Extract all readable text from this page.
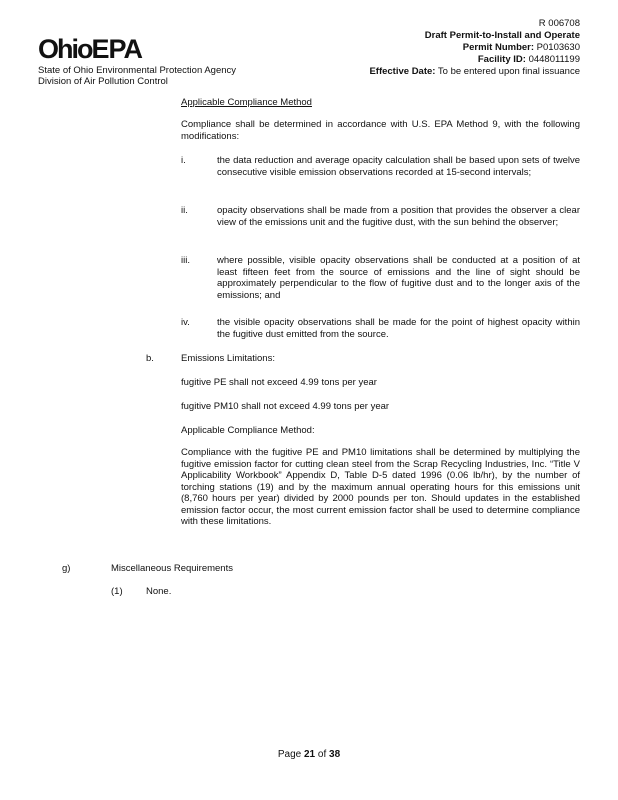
Ohio EPA
State of Ohio Environmental Protection Agency
Division of Air Pollution Control
R 006708
Draft Permit-to-Install and Operate
Permit Number: P0103630
Facility ID: 0448011199
Effective Date: To be entered upon final issuance
Applicable Compliance Method
Compliance shall be determined in accordance with U.S. EPA Method 9, with the following modifications:
i.	the data reduction and average opacity calculation shall be based upon sets of twelve consecutive visible emission observations recorded at 15-second intervals;
ii.	opacity observations shall be made from a position that provides the observer a clear view of the emissions unit and the fugitive dust, with the sun behind the observer;
iii.	where possible, visible opacity observations shall be conducted at a position of at least fifteen feet from the source of emissions and the line of sight should be approximately perpendicular to the flow of fugitive dust and to the longer axis of the emissions; and
iv.	the visible opacity observations shall be made for the point of highest opacity within the fugitive dust emitted from the source.
b.	Emissions Limitations:
fugitive PE shall not exceed 4.99 tons per year
fugitive PM10 shall not exceed 4.99 tons per year
Applicable Compliance Method:
Compliance with the fugitive PE and PM10 limitations shall be determined by multiplying the fugitive emission factor for cutting clean steel from the Scrap Recycling Industries, Inc. “Title V Applicability Workbook” Appendix D, Table D-5 dated 1996 (0.06 lb/hr), by the number of torching stations (19) and by the maximum annual operating hours for this emissions unit (8,760 hours per year) divided by 2000 pounds per ton. Should updates in the established emission factor occur, the most current emission factor shall be used to determine compliance with these limitations.
g)	Miscellaneous Requirements
(1) None.
Page 21 of 38
